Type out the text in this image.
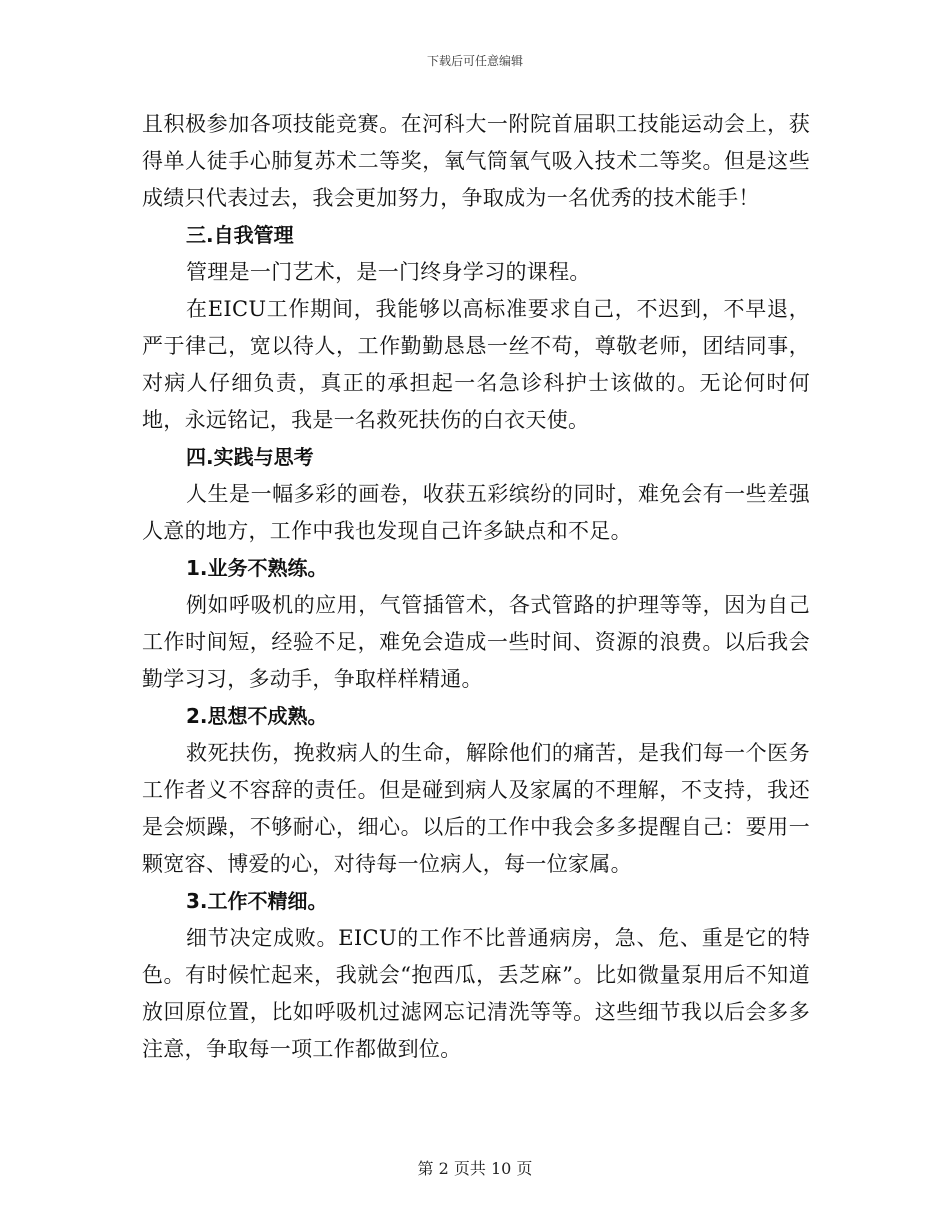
下载后可任意编辑

且积极参加各项技能竞赛。在河科大一附院首届职工技能运动会上，获得单人徒手心肺复苏术二等奖，氧气筒氧气吸入技术二等奖。但是这些成绩只代表过去，我会更加努力，争取成为一名优秀的技术能手！

三.自我管理

管理是一门艺术，是一门终身学习的课程。

在EICU工作期间，我能够以高标准要求自己，不迟到，不早退，严于律己，宽以待人，工作勤勤恳恳一丝不苟，尊敬老师，团结同事，对病人仔细负责，真正的承担起一名急诊科护士该做的。无论何时何地，永远铭记，我是一名救死扶伤的白衣天使。

四.实践与思考

人生是一幅多彩的画卷，收获五彩缤纷的同时，难免会有一些差强人意的地方，工作中我也发现自己许多缺点和不足。

1.业务不熟练。

例如呼吸机的应用，气管插管术，各式管路的护理等等，因为自己工作时间短，经验不足，难免会造成一些时间、资源的浪费。以后我会勤学习习，多动手，争取样样精通。

2.思想不成熟。

救死扶伤，挽救病人的生命，解除他们的痛苦，是我们每一个医务工作者义不容辞的责任。但是碰到病人及家属的不理解，不支持，我还是会烦躁，不够耐心，细心。以后的工作中我会多多提醒自己：要用一颗宽容、博爱的心，对待每一位病人，每一位家属。

3.工作不精细。

细节决定成败。EICU的工作不比普通病房，急、危、重是它的特色。有时候忙起来，我就会“抱西瓜，丢芝麻”。比如微量泵用后不知道放回原位置，比如呼吸机过滤网忘记清洗等等。这些细节我以后会多多注意，争取每一项工作都做到位。

第 2 页共 10 页
